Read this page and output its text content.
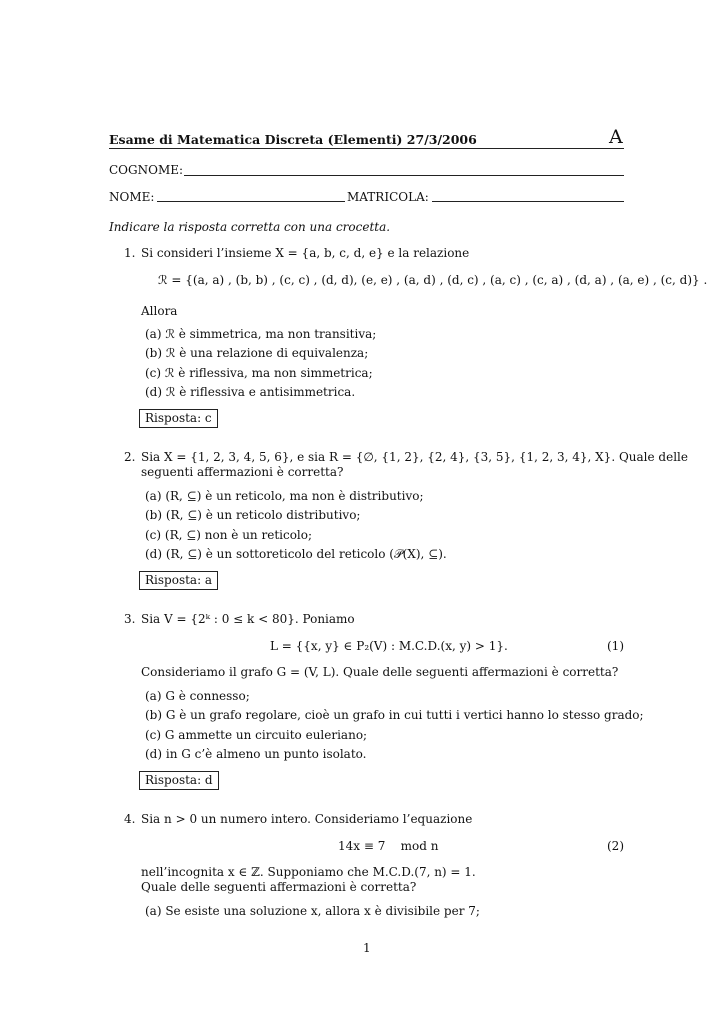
Esame di Matematica Discreta (Elementi) 27/3/2006	A
COGNOME:
NOME:	MATRICOLA:
Indicare la risposta corretta con una crocetta.
1. Si consideri l’insieme X = {a, b, c, d, e} e la relazione
ℛ = {(a, a) , (b, b) , (c, c) , (d, d), (e, e) , (a, d) , (d, c) , (a, c) , (c, a) , (d, a) , (a, e) , (c, d)} .
Allora
(a) ℛ è simmetrica, ma non transitiva;
(b) ℛ è una relazione di equivalenza;
(c) ℛ è riflessiva, ma non simmetrica;
(d) ℛ è riflessiva e antisimmetrica.
Risposta: c
2. Sia X = {1, 2, 3, 4, 5, 6}, e sia R = {∅, {1, 2}, {2, 4}, {3, 5}, {1, 2, 3, 4}, X}. Quale delle
seguenti affermazioni è corretta?
(a) (R, ⊆) è un reticolo, ma non è distributivo;
(b) (R, ⊆) è un reticolo distributivo;
(c) (R, ⊆) non è un reticolo;
(d) (R, ⊆) è un sottoreticolo del reticolo (𝒫(X), ⊆).
Risposta: a
3. Sia V = {2ᵏ : 0 ≤ k < 80}. Poniamo
L = {{x, y} ∈ P₂(V) : M.C.D.(x, y) > 1}.	(1)
Consideriamo il grafo G = (V, L). Quale delle seguenti affermazioni è corretta?
(a) G è connesso;
(b) G è un grafo regolare, cioè un grafo in cui tutti i vertici hanno lo stesso grado;
(c) G ammette un circuito euleriano;
(d) in G c’è almeno un punto isolato.
Risposta: d
4. Sia n > 0 un numero intero. Consideriamo l’equazione
14x ≡ 7    mod n	(2)
nell’incognita x ∈ ℤ. Supponiamo che M.C.D.(7, n) = 1.
Quale delle seguenti affermazioni è corretta?
(a) Se esiste una soluzione x, allora x è divisibile per 7;
1
